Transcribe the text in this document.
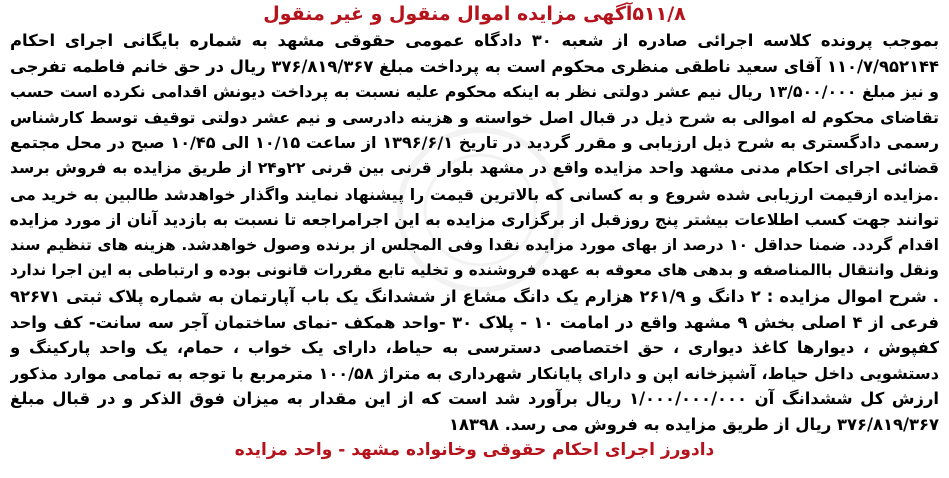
۵۱۱/۸آگهی مزایده اموال منقول و غیر منقول
بموجب پرونده کلاسه اجرائی صادره از شعبه ۳۰ دادگاه عمومی حقوقی مشهد به شماره بایگانی اجرای احکام
۱۱۰/۷/۹۵۲۱۴۴ آقای سعید ناطقی منظری محکوم است به پرداخت مبلغ ۳۷۶/۸۱۹/۳۶۷ ریال در حق خانم فاطمه تفرجی
و نیز مبلغ ۱۳/۵۰۰/۰۰۰ ریال نیم عشر دولتی نظر به اینکه محکوم علیه نسبت به پرداخت دیونش اقدامی نکرده است حسب
تقاضای محکوم له اموالی به شرح ذیل در قبال اصل خواسته و هزینه دادرسی و نیم عشر دولتی توقیف توسط کارشناس
رسمی دادگستری به شرح ذیل ارزیابی و مقرر گردید در تاریخ ۱۳۹۶/۶/۱ از ساعت ۱۰/۱۵ الی ۱۰/۴۵ صبح در محل مجتمع
قضائی اجرای احکام مدنی مشهد واحد مزایده واقع در مشهد بلوار قرنی بین قرنی ۲۲و۲۴ از طریق مزایده به فروش برسد
.مزایده ازقیمت ارزیابی شده شروع و به کسانی که بالاترین قیمت را پیشنهاد نمایند واگذار خواهدشد طالبین به خرید می
توانند جهت کسب اطلاعات بیشتر پنج روزقبل از برگزاری مزایده به این اجرامراجعه تا نسبت به بازدید آنان از مورد مزایده
اقدام گردد. ضمنا حداقل ۱۰ درصد از بهای مورد مزایده نقدا وفی المجلس از برنده وصول خواهدشد. هزینه های تنظیم سند
ونقل وانتقال باالمناصفه و بدهی های معوقه به عهده فروشنده و تخلیه تابع مقررات قانونی بوده و ارتباطی به این اجرا ندارد
. شرح اموال مزایده : ۲ دانگ و ۲۶۱/۹ هزارم یک دانگ مشاع از ششدانگ یک باب آپارتمان به شماره پلاک ثبتی ۹۲۶۷۱
فرعی از ۴ اصلی بخش ۹ مشهد واقع در امامت ۱۰ - پلاک ۳۰ -واحد همکف -نمای ساختمان آجر سه سانت- کف واحد
کفپوش ، دیوارها کاغذ دیواری ، حق اختصاصی دسترسی به حیاط، دارای یک خواب ، حمام، یک واحد پارکینگ و
دستشویی داخل حیاط، آشپزخانه اپن و دارای پایانکار شهرداری به متراژ ۱۰۰/۵۸ مترمربع با توجه به تمامی موارد مذکور
ارزش کل ششدانگ آن ۱/۰۰۰/۰۰۰/۰۰۰ ریال برآورد شد است که از این مقدار به میزان فوق الذکر و در قبال مبلغ
۳۷۶/۸۱۹/۳۶۷ ریال از طریق مزایده به فروش می رسد. ۱۸۳۹۸
دادورز اجرای احکام حقوقی وخانواده مشهد - واحد مزایده
